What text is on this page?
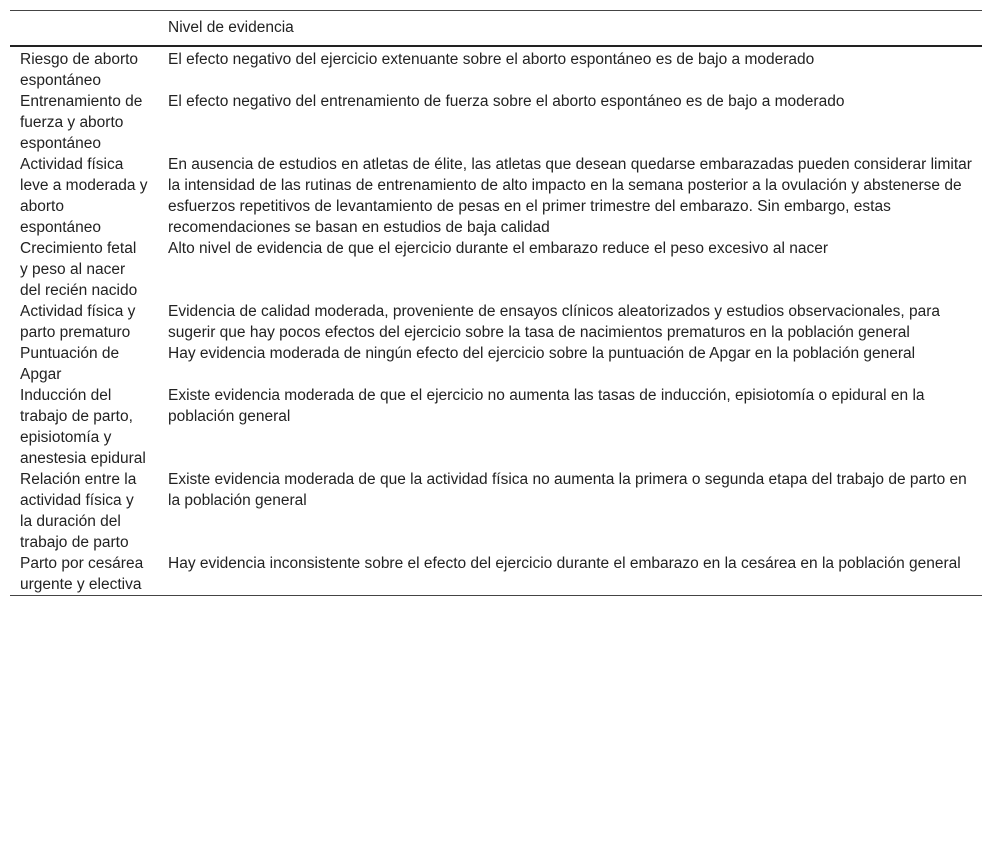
	Nivel de evidencia
Riesgo de aborto espontáneo	El efecto negativo del ejercicio extenuante sobre el aborto espontáneo es de bajo a moderado
Entrenamiento de fuerza y aborto espontáneo	El efecto negativo del entrenamiento de fuerza sobre el aborto espontáneo es de bajo a moderado
Actividad física leve a moderada y aborto espontáneo	En ausencia de estudios en atletas de élite, las atletas que desean quedarse embarazadas pueden considerar limitar la intensidad de las rutinas de entrenamiento de alto impacto en la semana posterior a la ovulación y abstenerse de esfuerzos repetitivos de levantamiento de pesas en el primer trimestre del embarazo. Sin embargo, estas recomendaciones se basan en estudios de baja calidad
Crecimiento fetal y peso al nacer del recién nacido	Alto nivel de evidencia de que el ejercicio durante el embarazo reduce el peso excesivo al nacer
Actividad física y parto prematuro	Evidencia de calidad moderada, proveniente de ensayos clínicos aleatorizados y estudios observacionales, para sugerir que hay pocos efectos del ejercicio sobre la tasa de nacimientos prematuros en la población general
Puntuación de Apgar	Hay evidencia moderada de ningún efecto del ejercicio sobre la puntuación de Apgar en la población general
Inducción del trabajo de parto, episiotomía y anestesia epidural	Existe evidencia moderada de que el ejercicio no aumenta las tasas de inducción, episiotomía o epidural en la población general
Relación entre la actividad física y la duración del trabajo de parto	Existe evidencia moderada de que la actividad física no aumenta la primera o segunda etapa del trabajo de parto en la población general
Parto por cesárea urgente y electiva	Hay evidencia inconsistente sobre el efecto del ejercicio durante el embarazo en la cesárea en la población general
